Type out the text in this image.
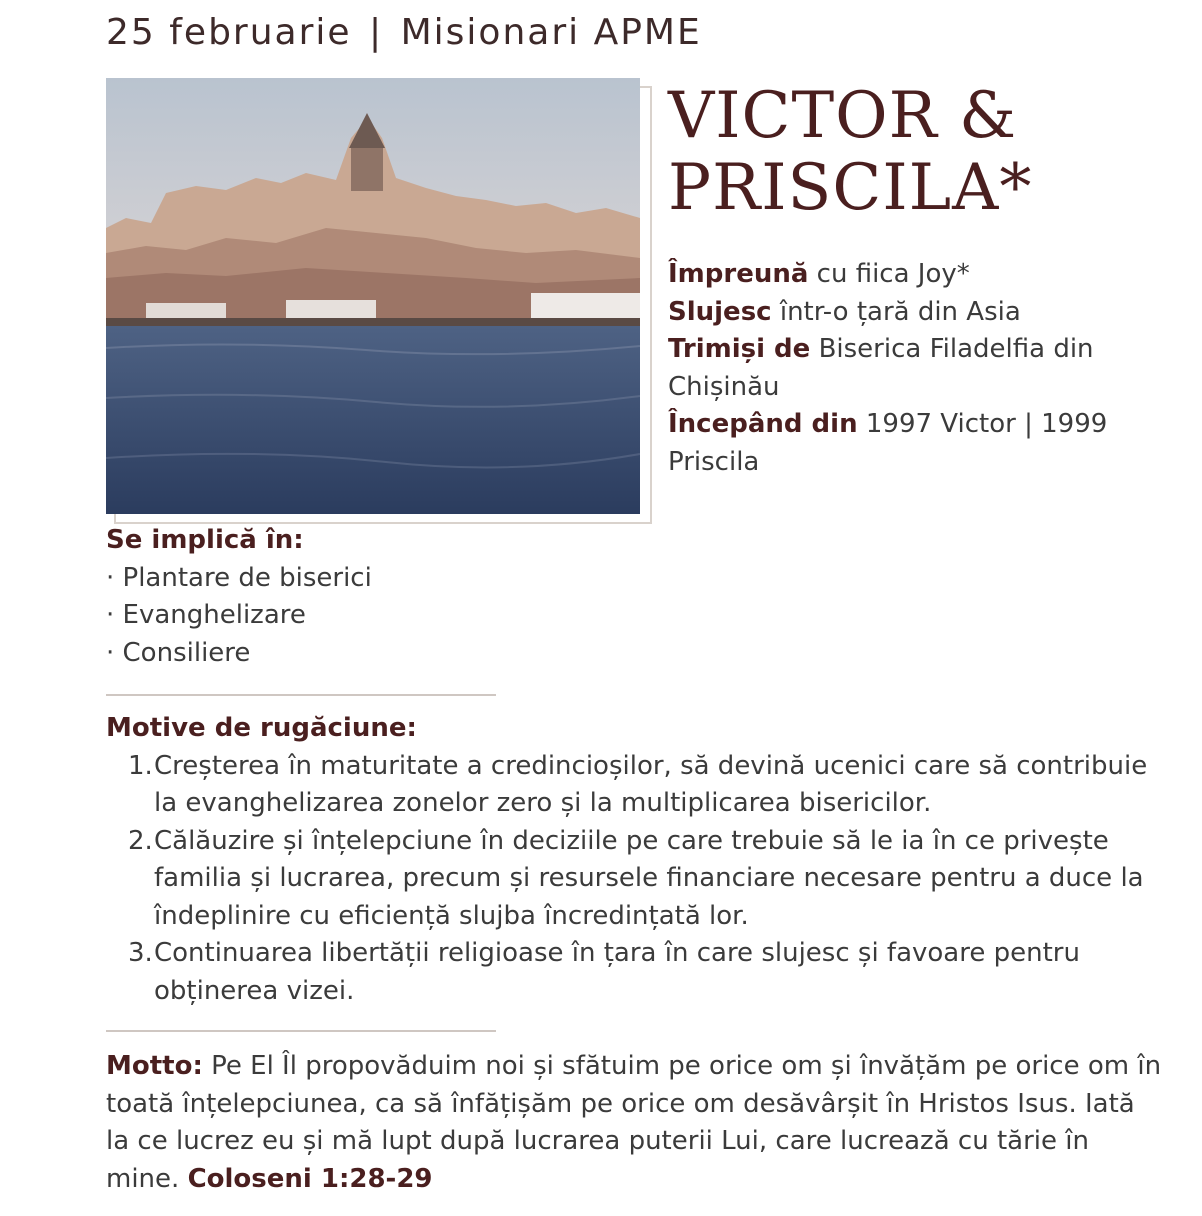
25 februarie | Misionari APME
VICTOR &
PRISCILA*
Împreună cu fiica Joy*
Slujesc într-o țară din Asia
Trimiși de Biserica Filadelfia din Chișinău
Începând din 1997 Victor | 1999 Priscila
Se implică în:
· Plantare de biserici
· Evanghelizare
· Consiliere
Motive de rugăciune:
1. Creșterea în maturitate a credincioșilor, să devină ucenici care să contribuie la evanghelizarea zonelor zero și la multiplicarea bisericilor.
2. Călăuzire și înțelepciune în deciziile pe care trebuie să le ia în ce privește familia și lucrarea, precum și resursele financiare necesare pentru a duce la îndeplinire cu eficiență slujba încredințată lor.
3. Continuarea libertății religioase în țara în care slujesc și favoare pentru obținerea vizei.
Motto: Pe El Îl propovăduim noi și sfătuim pe orice om și învățăm pe orice om în toată înțelepciunea, ca să înfățișăm pe orice om desăvârșit în Hristos Isus. Iată la ce lucrez eu și mă lupt după lucrarea puterii Lui, care lucrează cu tărie în mine. Coloseni 1:28-29
